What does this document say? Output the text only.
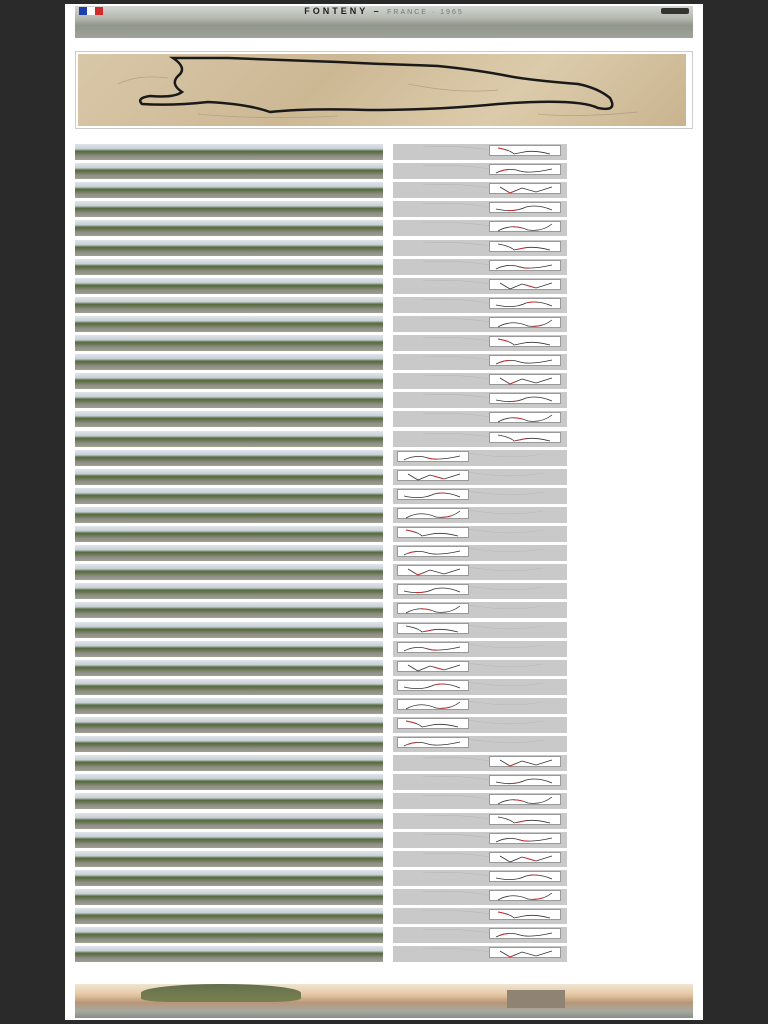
FONTENY – FRANCE · 1965
